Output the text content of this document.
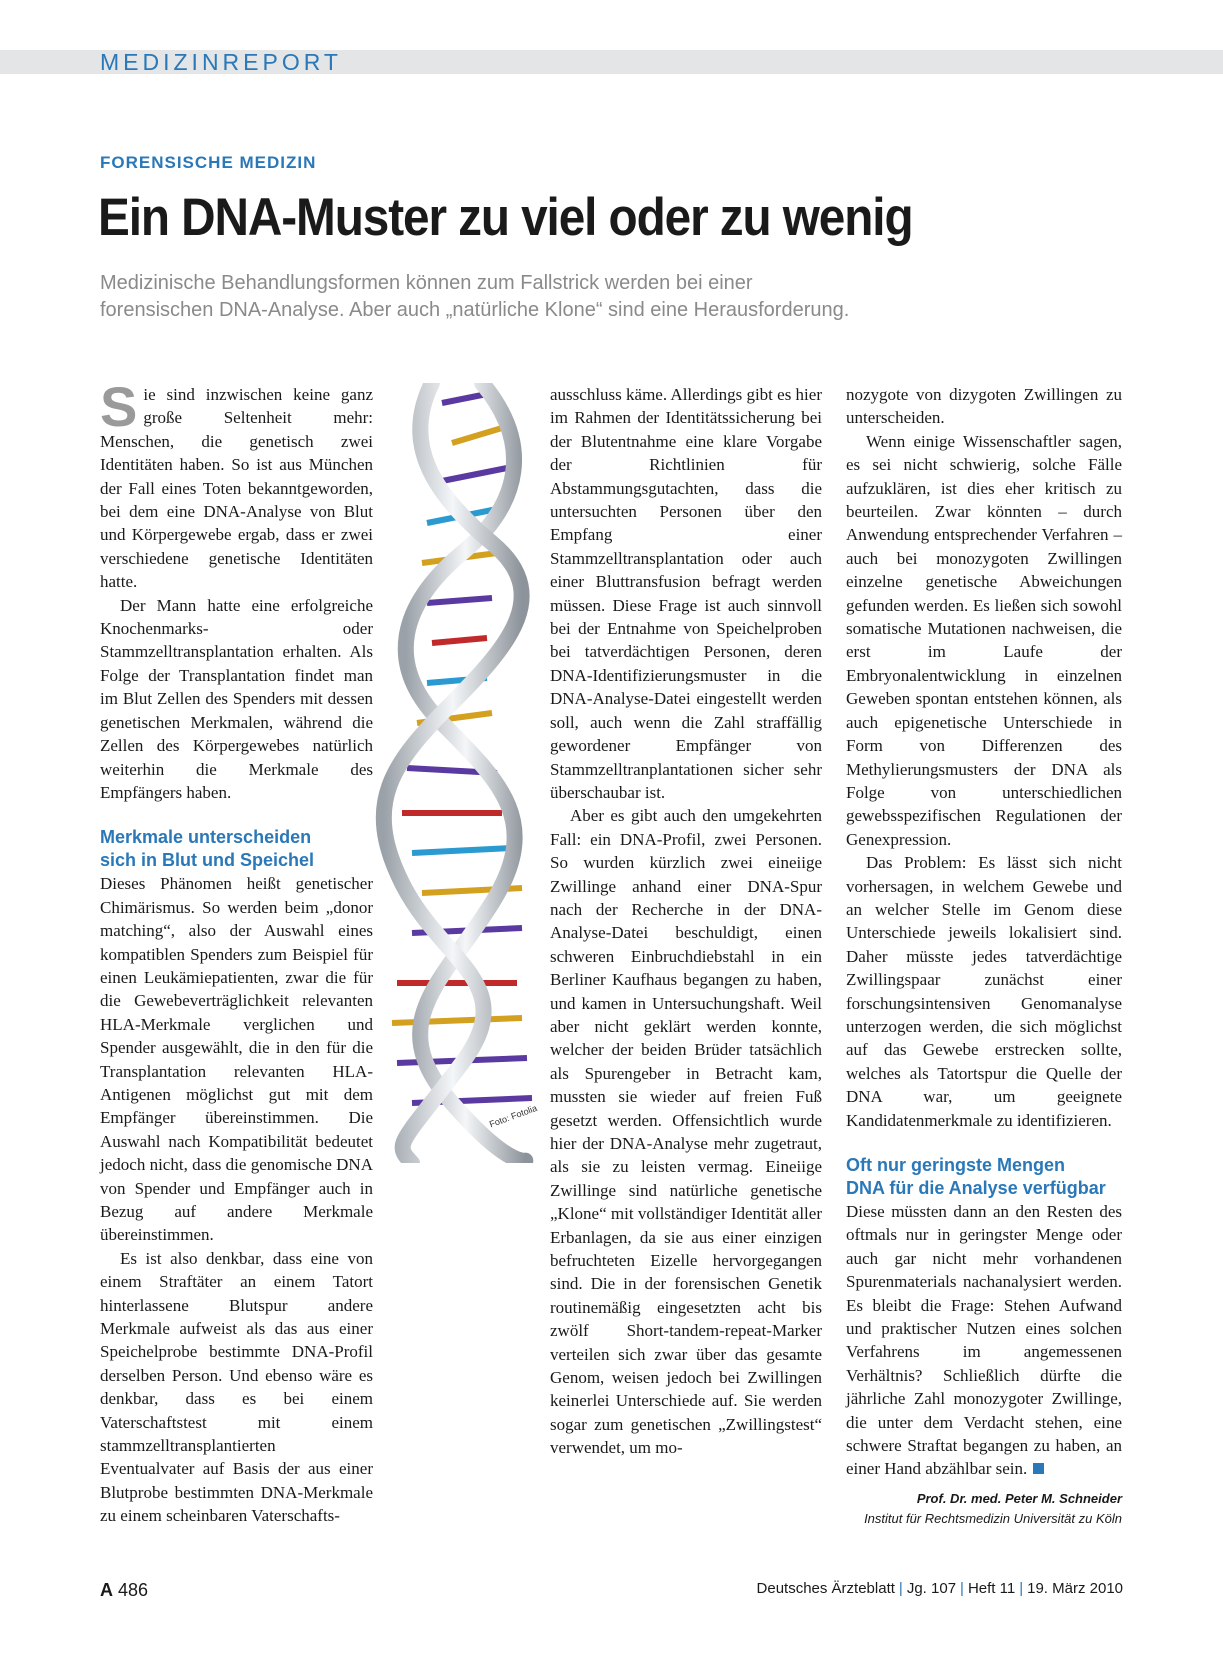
MEDIZINREPORT
FORENSISCHE MEDIZIN
Ein DNA-Muster zu viel oder zu wenig
Medizinische Behandlungsformen können zum Fallstrick werden bei einer
forensischen DNA-Analyse. Aber auch „natürliche Klone“ sind eine Herausforderung.

Sie sind inzwischen keine ganz große Seltenheit mehr: Menschen, die genetisch zwei Identitäten haben. So ist aus München der Fall eines Toten bekanntgeworden, bei dem eine DNA-Analyse von Blut und Körpergewebe ergab, dass er zwei verschiedene genetische Identitäten hatte.

Der Mann hatte eine erfolgreiche Knochenmarks- oder Stammzelltransplantation erhalten. Als Folge der Transplantation findet man im Blut Zellen des Spenders mit dessen genetischen Merkmalen, während die Zellen des Körpergewebes natürlich weiterhin die Merkmale des Empfängers haben.

Merkmale unterscheiden
sich in Blut und Speichel

Dieses Phänomen heißt genetischer Chimärismus. So werden beim „donor matching“, also der Auswahl eines kompatiblen Spenders zum Beispiel für einen Leukämiepatienten, zwar die für die Gewebeverträglichkeit relevanten HLA-Merkmale verglichen und Spender ausgewählt, die in den für die Transplantation relevanten HLA-Antigenen möglichst gut mit dem Empfänger übereinstimmen. Die Auswahl nach Kompatibilität bedeutet jedoch nicht, dass die genomische DNA von Spender und Empfänger auch in Bezug auf andere Merkmale übereinstimmen.

Es ist also denkbar, dass eine von einem Straftäter an einem Tatort hinterlassene Blutspur andere Merkmale aufweist als das aus einer Speichelprobe bestimmte DNA-Profil derselben Person. Und ebenso wäre es denkbar, dass es bei einem Vaterschaftstest mit einem stammzelltransplantierten Eventualvater auf Basis der aus einer Blutprobe bestimmten DNA-Merkmale zu einem scheinbaren Vaterschafts-

Foto: Fotolia

ausschluss käme. Allerdings gibt es hier im Rahmen der Identitätssicherung bei der Blutentnahme eine klare Vorgabe der Richtlinien für Abstammungsgutachten, dass die untersuchten Personen über den Empfang einer Stammzelltransplantation oder auch einer Bluttransfusion befragt werden müssen. Diese Frage ist auch sinnvoll bei der Entnahme von Speichelproben bei tatverdächtigen Personen, deren DNA-Identifizierungsmuster in die DNA-Analyse-Datei eingestellt werden soll, auch wenn die Zahl straffällig gewordener Empfänger von Stammzelltranplantationen sicher sehr überschaubar ist.

Aber es gibt auch den umgekehrten Fall: ein DNA-Profil, zwei Personen. So wurden kürzlich zwei eineiige Zwillinge anhand einer DNA-Spur nach der Recherche in der DNA-Analyse-Datei beschuldigt, einen schweren Einbruchdiebstahl in ein Berliner Kaufhaus begangen zu haben, und kamen in Untersuchungshaft. Weil aber nicht geklärt werden konnte, welcher der beiden Brüder tatsächlich als Spurengeber in Betracht kam, mussten sie wieder auf freien Fuß gesetzt werden. Offensichtlich wurde hier der DNA-Analyse mehr zugetraut, als sie zu leisten vermag. Eineiige Zwillinge sind natürliche genetische „Klone“ mit vollständiger Identität aller Erbanlagen, da sie aus einer einzigen befruchteten Eizelle hervorgegangen sind. Die in der forensischen Genetik routinemäßig eingesetzten acht bis zwölf Short-tandem-repeat-Marker verteilen sich zwar über das gesamte Genom, weisen jedoch bei Zwillingen keinerlei Unterschiede auf. Sie werden sogar zum genetischen „Zwillingstest“ verwendet, um mo-

nozygote von dizygoten Zwillingen zu unterscheiden.

Wenn einige Wissenschaftler sagen, es sei nicht schwierig, solche Fälle aufzuklären, ist dies eher kritisch zu beurteilen. Zwar könnten – durch Anwendung entsprechender Verfahren – auch bei monozygoten Zwillingen einzelne genetische Abweichungen gefunden werden. Es ließen sich sowohl somatische Mutationen nachweisen, die erst im Laufe der Embryonalentwicklung in einzelnen Geweben spontan entstehen können, als auch epigenetische Unterschiede in Form von Differenzen des Methylierungsmusters der DNA als Folge von unterschiedlichen gewebsspezifischen Regulationen der Genexpression.

Das Problem: Es lässt sich nicht vorhersagen, in welchem Gewebe und an welcher Stelle im Genom diese Unterschiede jeweils lokalisiert sind. Daher müsste jedes tatverdächtige Zwillingspaar zunächst einer forschungsintensiven Genomanalyse unterzogen werden, die sich möglichst auf das Gewebe erstrecken sollte, welches als Tatortspur die Quelle der DNA war, um geeignete Kandidatenmerkmale zu identifizieren.

Oft nur geringste Mengen
DNA für die Analyse verfügbar

Diese müssten dann an den Resten des oftmals nur in geringster Menge oder auch gar nicht mehr vorhandenen Spurenmaterials nachanalysiert werden. Es bleibt die Frage: Stehen Aufwand und praktischer Nutzen eines solchen Verfahrens im angemessenen Verhältnis? Schließlich dürfte die jährliche Zahl monozygoter Zwillinge, die unter dem Verdacht stehen, eine schwere Straftat begangen zu haben, an einer Hand abzählbar sein.

Prof. Dr. med. Peter M. Schneider
Institut für Rechtsmedizin Universität zu Köln
A 486	Deutsches Ärzteblatt | Jg. 107 | Heft 11 | 19. März 2010
